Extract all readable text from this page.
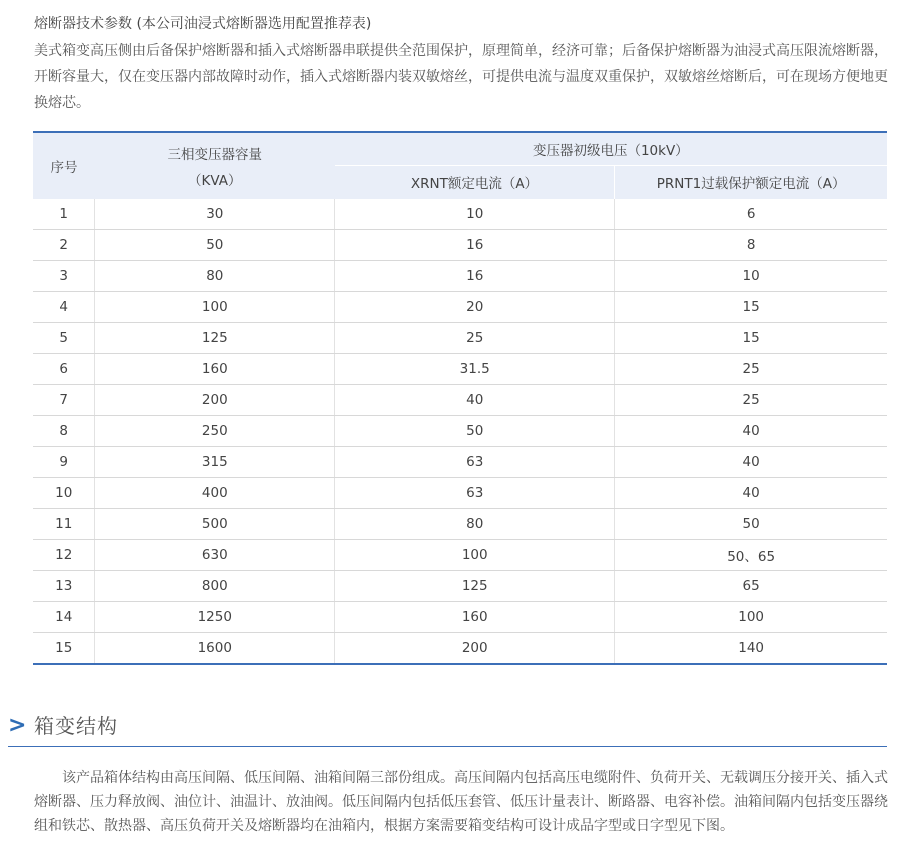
熔断器技术参数 (本公司油浸式熔断器选用配置推荐表)
美式箱变高压侧由后备保护熔断器和插入式熔断器串联提供全范围保护，原理简单，经济可靠；后备保护熔断器为油浸式高压限流熔断器，开断容量大，仅在变压器内部故障时动作，插入式熔断器内装双敏熔丝，可提供电流与温度双重保护，双敏熔丝熔断后，可在现场方便地更换熔芯。
序号	三相变压器容量	变压器初级电压（10kV）	
	（KVA）	XRNT额定电流（A）	PRNT1过载保护额定电流（A）
1	30	10	6
2	50	16	8
3	80	16	10
4	100	20	15
5	125	25	15
6	160	31.5	25
7	200	40	25
8	250	50	40
9	315	63	40
10	400	63	40
11	500	80	50
12	630	100	50、65
13	800	125	65
14	1250	160	100
15	1600	200	140
> 箱变结构
该产品箱体结构由高压间隔、低压间隔、油箱间隔三部份组成。高压间隔内包括高压电缆附件、负荷开关、无载调压分接开关、插入式熔断器、压力释放阀、油位计、油温计、放油阀。低压间隔内包括低压套管、低压计量表计、断路器、电容补偿。油箱间隔内包括变压器绕组和铁芯、散热器、高压负荷开关及熔断器均在油箱内，根据方案需要箱变结构可设计成品字型或日字型见下图。
